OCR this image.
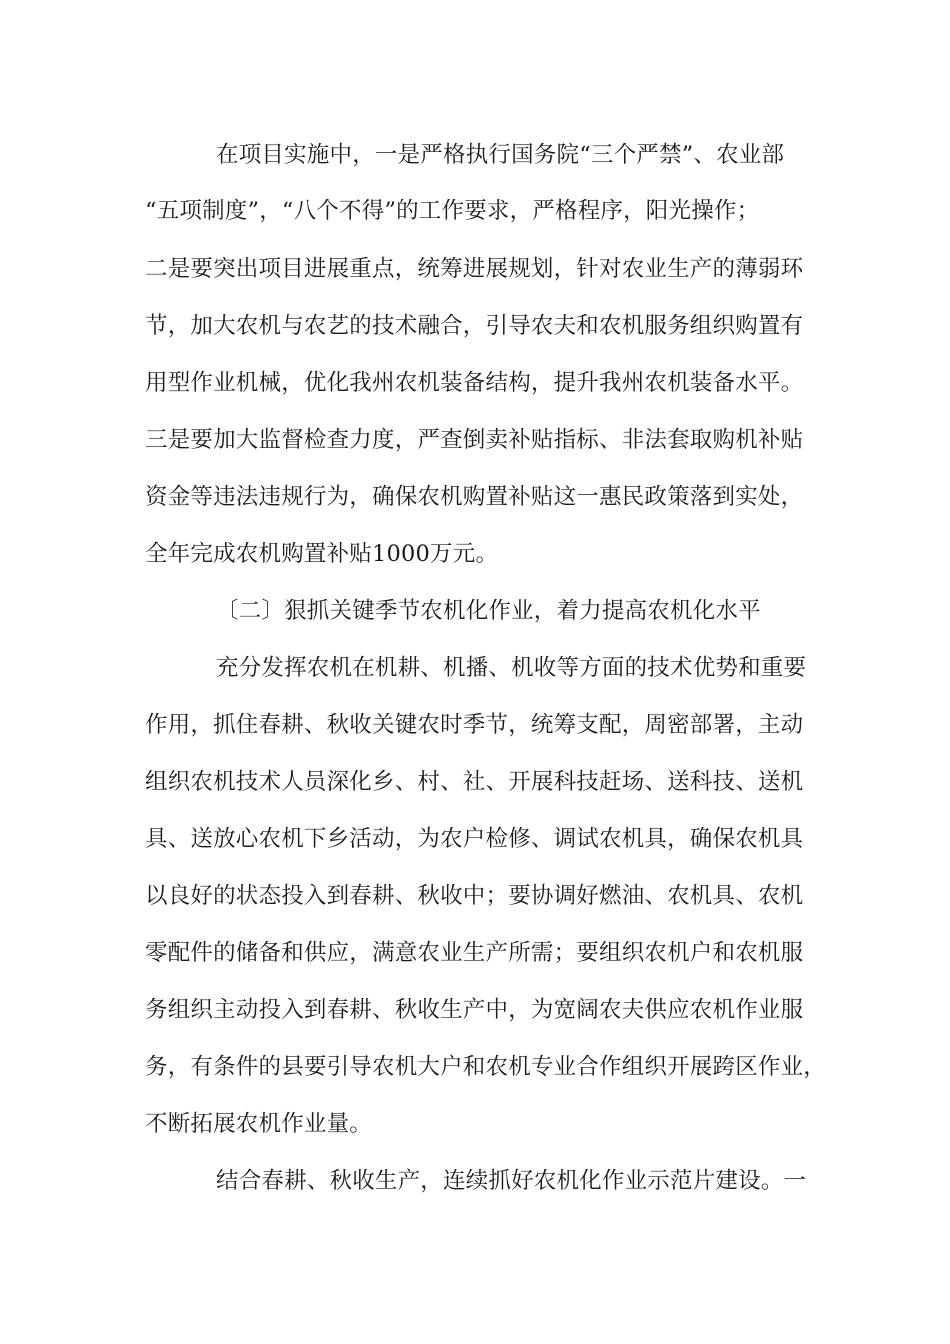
在项目实施中，一是严格执行国务院“三个严禁”、农业部
“五项制度”，“八个不得”的工作要求，严格程序，阳光操作；
二是要突出项目进展重点，统筹进展规划，针对农业生产的薄弱环
节，加大农机与农艺的技术融合，引导农夫和农机服务组织购置有
用型作业机械，优化我州农机装备结构，提升我州农机装备水平。
三是要加大监督检查力度，严查倒卖补贴指标、非法套取购机补贴
资金等违法违规行为，确保农机购置补贴这一惠民政策落到实处，
全年完成农机购置补贴1000万元。
〔二〕狠抓关键季节农机化作业，着力提高农机化水平
充分发挥农机在机耕、机播、机收等方面的技术优势和重要
作用，抓住春耕、秋收关键农时季节，统筹支配，周密部署，主动
组织农机技术人员深化乡、村、社、开展科技赶场、送科技、送机
具、送放心农机下乡活动，为农户检修、调试农机具，确保农机具
以良好的状态投入到春耕、秋收中；要协调好燃油、农机具、农机
零配件的储备和供应，满意农业生产所需；要组织农机户和农机服
务组织主动投入到春耕、秋收生产中，为宽阔农夫供应农机作业服
务，有条件的县要引导农机大户和农机专业合作组织开展跨区作业，
不断拓展农机作业量。
结合春耕、秋收生产，连续抓好农机化作业示范片建设。一
